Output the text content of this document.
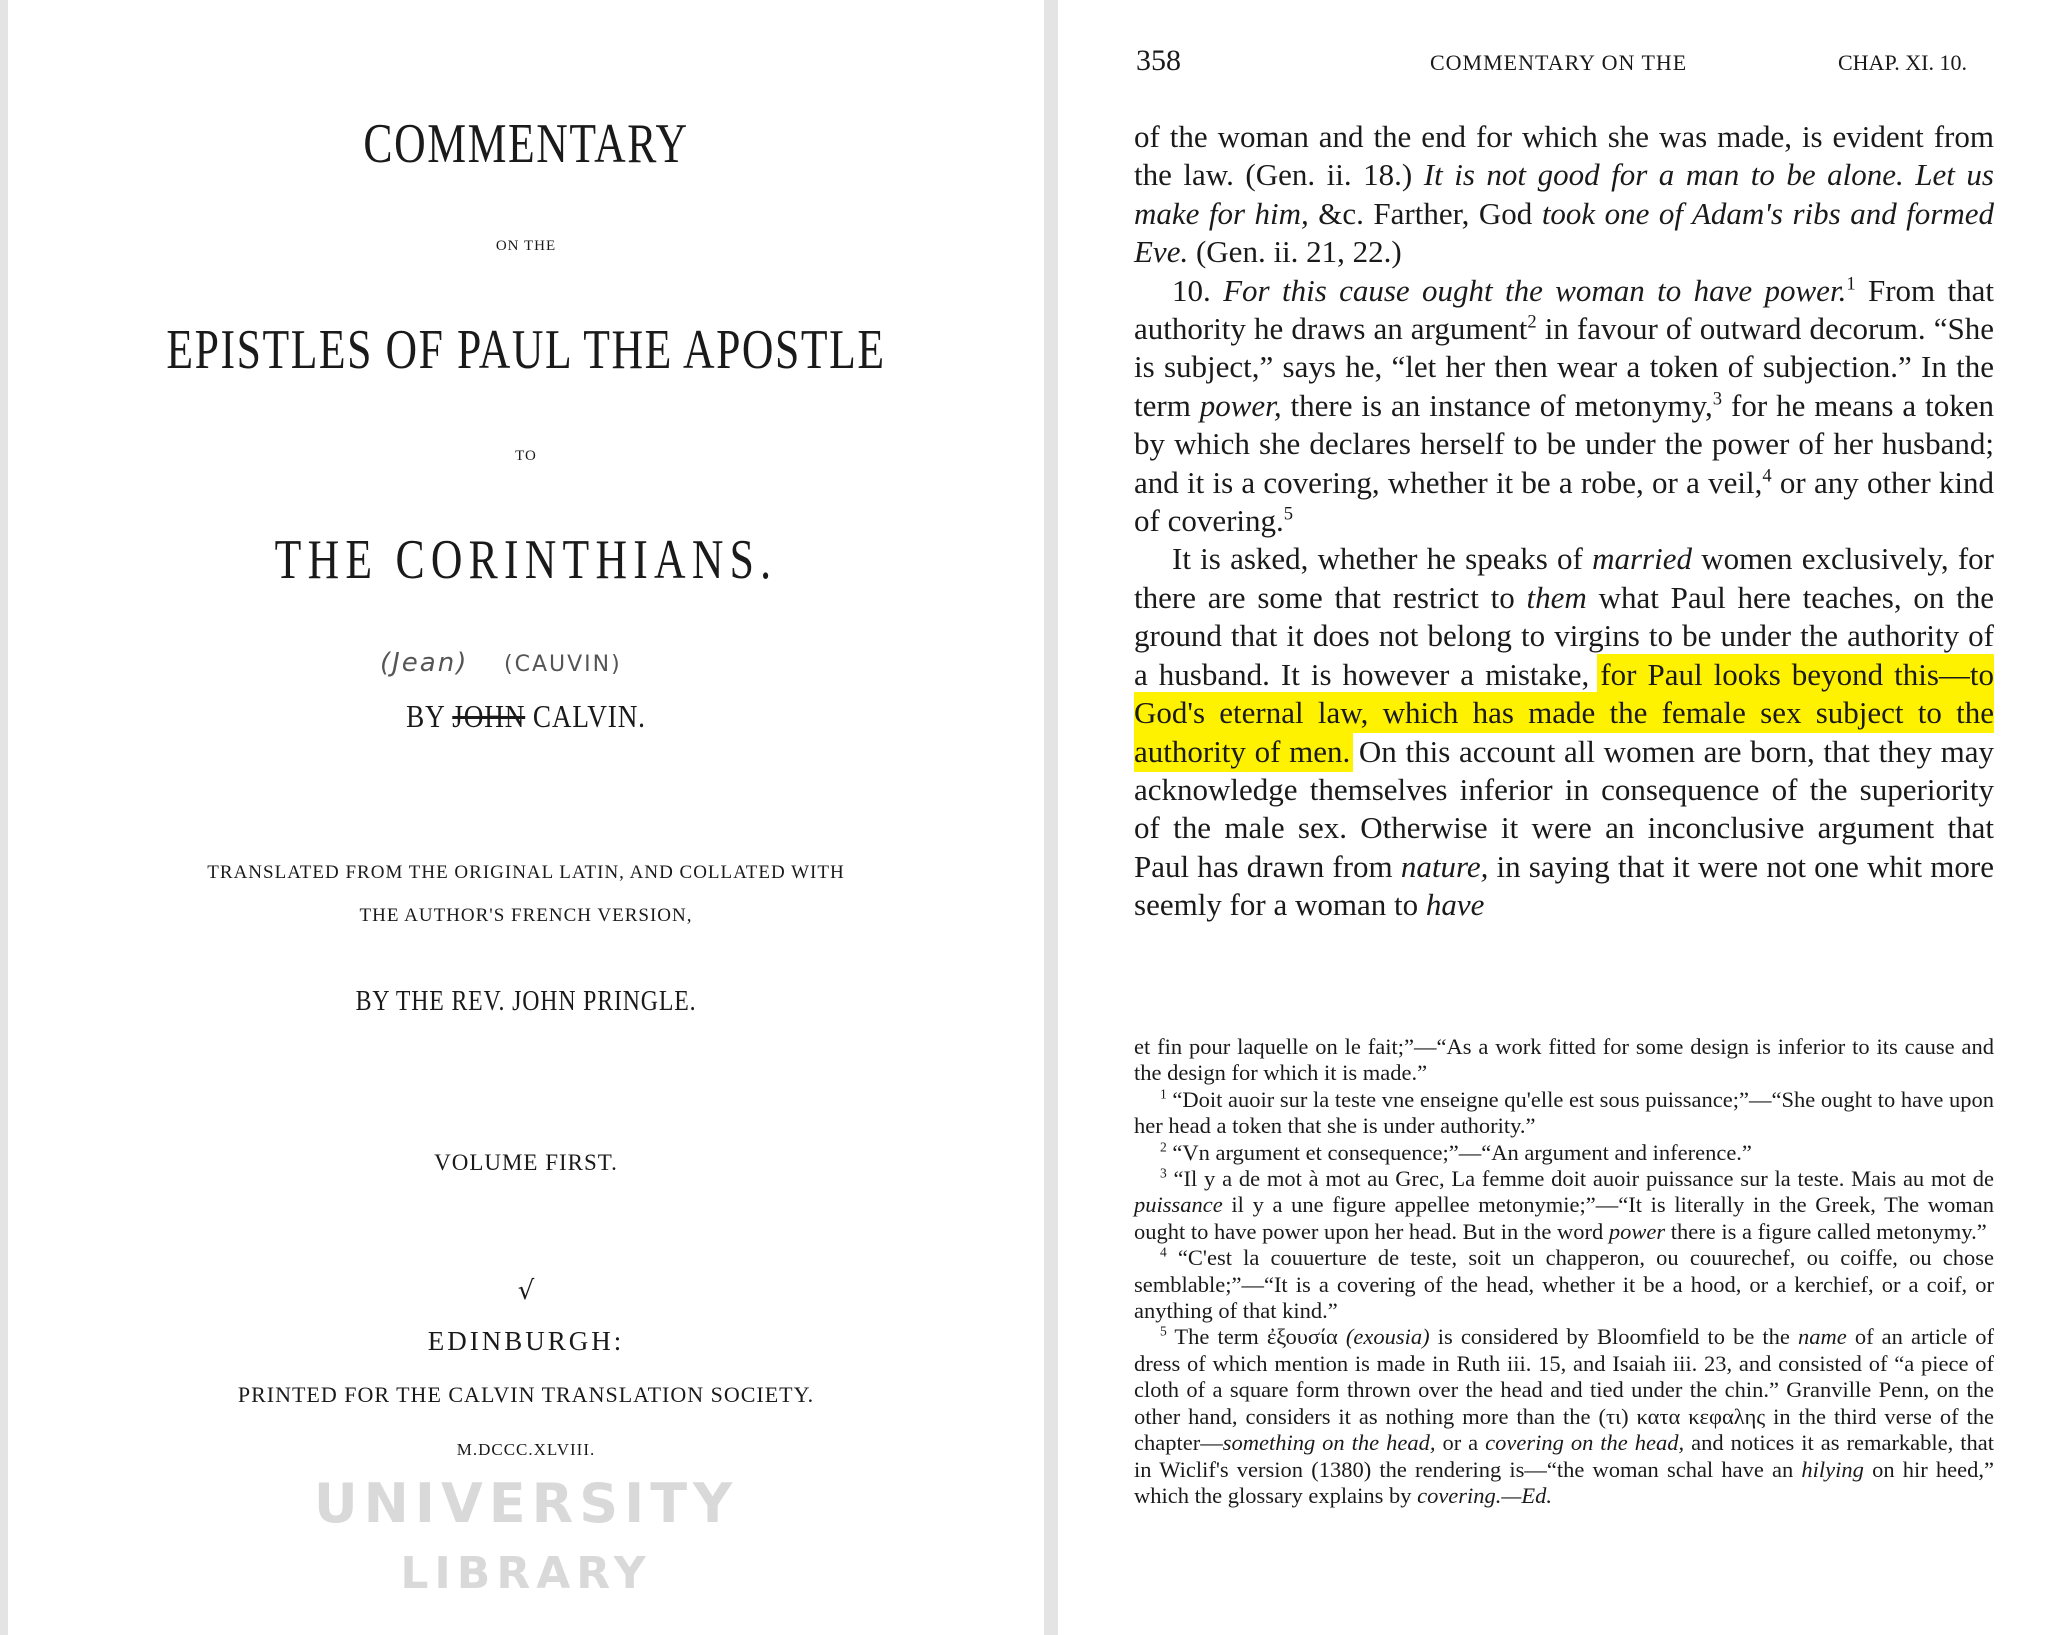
COMMENTARY
ON THE
EPISTLES OF PAUL THE APOSTLE
TO
THE CORINTHIANS.
(Jean) (CAUVIN)
BY JOHN CALVIN.
TRANSLATED FROM THE ORIGINAL LATIN, AND COLLATED WITH
THE AUTHOR'S FRENCH VERSION,
BY THE REV. JOHN PRINGLE.
VOLUME FIRST.
√
EDINBURGH:
PRINTED FOR THE CALVIN TRANSLATION SOCIETY.
M.DCCC.XLVIII.
UNIVERSITY
LIBRARY
358	COMMENTARY ON THE	CHAP. XI. 10.

of the woman and the end for which she was made, is evident from the law. (Gen. ii. 18.) It is not good for a man to be alone. Let us make for him, &c. Farther, God took one of Adam's ribs and formed Eve. (Gen. ii. 21, 22.)

10. For this cause ought the woman to have power.$^1$ From that authority he draws an argument$^2$ in favour of outward decorum. “She is subject,” says he, “let her then wear a token of subjection.” In the term power, there is an instance of metonymy,$^3$ for he means a token by which she declares herself to be under the power of her husband; and it is a covering, whether it be a robe, or a veil,$^4$ or any other kind of covering.$^5$

It is asked, whether he speaks of married women exclusively, for there are some that restrict to them what Paul here teaches, on the ground that it does not belong to virgins to be under the authority of a husband. It is however a mistake, for Paul looks beyond this—to God's eternal law, which has made the female sex subject to the authority of men. On this account all women are born, that they may acknowledge themselves inferior in consequence of the superiority of the male sex. Otherwise it were an inconclusive argument that Paul has drawn from nature, in saying that it were not one whit more seemly for a woman to have

et fin pour laquelle on le fait;”—“As a work fitted for some design is inferior to its cause and the design for which it is made.”

$^1$ “Doit auoir sur la teste vne enseigne qu'elle est sous puissance;”—“She ought to have upon her head a token that she is under authority.”

$^2$ “Vn argument et consequence;”—“An argument and inference.”

$^3$ “Il y a de mot à mot au Grec, La femme doit auoir puissance sur la teste. Mais au mot de puissance il y a une figure appellee metonymie;”—“It is literally in the Greek, The woman ought to have power upon her head. But in the word power there is a figure called metonymy.”

$^4$ “C'est la couuerture de teste, soit un chapperon, ou couurechef, ou coiffe, ou chose semblable;”—“It is a covering of the head, whether it be a hood, or a kerchief, or a coif, or anything of that kind.”

$^5$ The term ἐξουσία (exousia) is considered by Bloomfield to be the name of an article of dress of which mention is made in Ruth iii. 15, and Isaiah iii. 23, and consisted of “a piece of cloth of a square form thrown over the head and tied under the chin.” Granville Penn, on the other hand, considers it as nothing more than the (τι) κατα κεφαλης in the third verse of the chapter—something on the head, or a covering on the head, and notices it as remarkable, that in Wiclif's version (1380) the rendering is—“the woman schal have an hilying on hir heed,” which the glossary explains by covering.—Ed.
